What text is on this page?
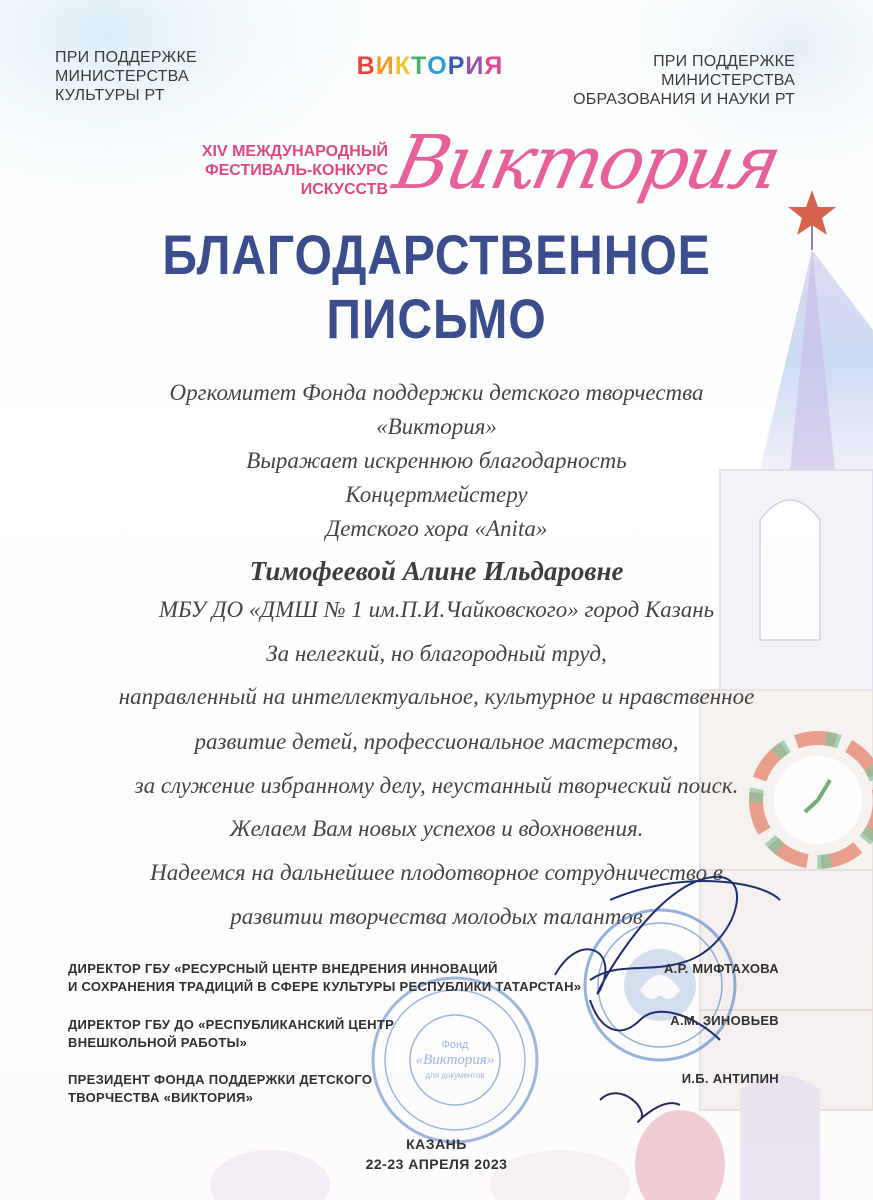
ПРИ ПОДДЕРЖКЕ
МИНИСТЕРСТВА
КУЛЬТУРЫ РТ
ПРИ ПОДДЕРЖКЕ
МИНИСТЕРСТВА
ОБРАЗОВАНИЯ И НАУКИ РТ
ВИКТОРИЯ
XIV МЕЖДУНАРОДНЫЙ
ФЕСТИВАЛЬ-КОНКУРС
ИСКУССТВ
Виктория
БЛАГОДАРСТВЕННОЕ
ПИСЬМО
Оргкомитет Фонда поддержки детского творчества
«Виктория»
Выражает искреннюю благодарность
Концертмейстеру
Детского хора «Anita»
Тимофеевой Алине Ильдаровне
МБУ ДО «ДМШ № 1 им.П.И.Чайковского» город Казань
За нелегкий, но благородный труд,
направленный на интеллектуальное, культурное и нравственное
развитие детей, профессиональное мастерство,
за служение избранному делу, неустанный творческий поиск.
Желаем Вам новых успехов и вдохновения.
Надеемся на дальнейшее плодотворное сотрудничество в
развитии творчества молодых талантов
Фонд
«Виктория»
для документов
ДИРЕКТОР ГБУ «РЕСУРСНЫЙ ЦЕНТР ВНЕДРЕНИЯ ИННОВАЦИЙ
И СОХРАНЕНИЯ ТРАДИЦИЙ В СФЕРЕ КУЛЬТУРЫ РЕСПУБЛИКИ ТАТАРСТАН»
А.Р. МИФТАХОВА
ДИРЕКТОР ГБУ ДО «РЕСПУБЛИКАНСКИЙ ЦЕНТР
ВНЕШКОЛЬНОЙ РАБОТЫ»
А.М. ЗИНОВЬЕВ
ПРЕЗИДЕНТ ФОНДА ПОДДЕРЖКИ ДЕТСКОГО
ТВОРЧЕСТВА «ВИКТОРИЯ»
И.Б. АНТИПИН
КАЗАНЬ
22-23 АПРЕЛЯ 2023
